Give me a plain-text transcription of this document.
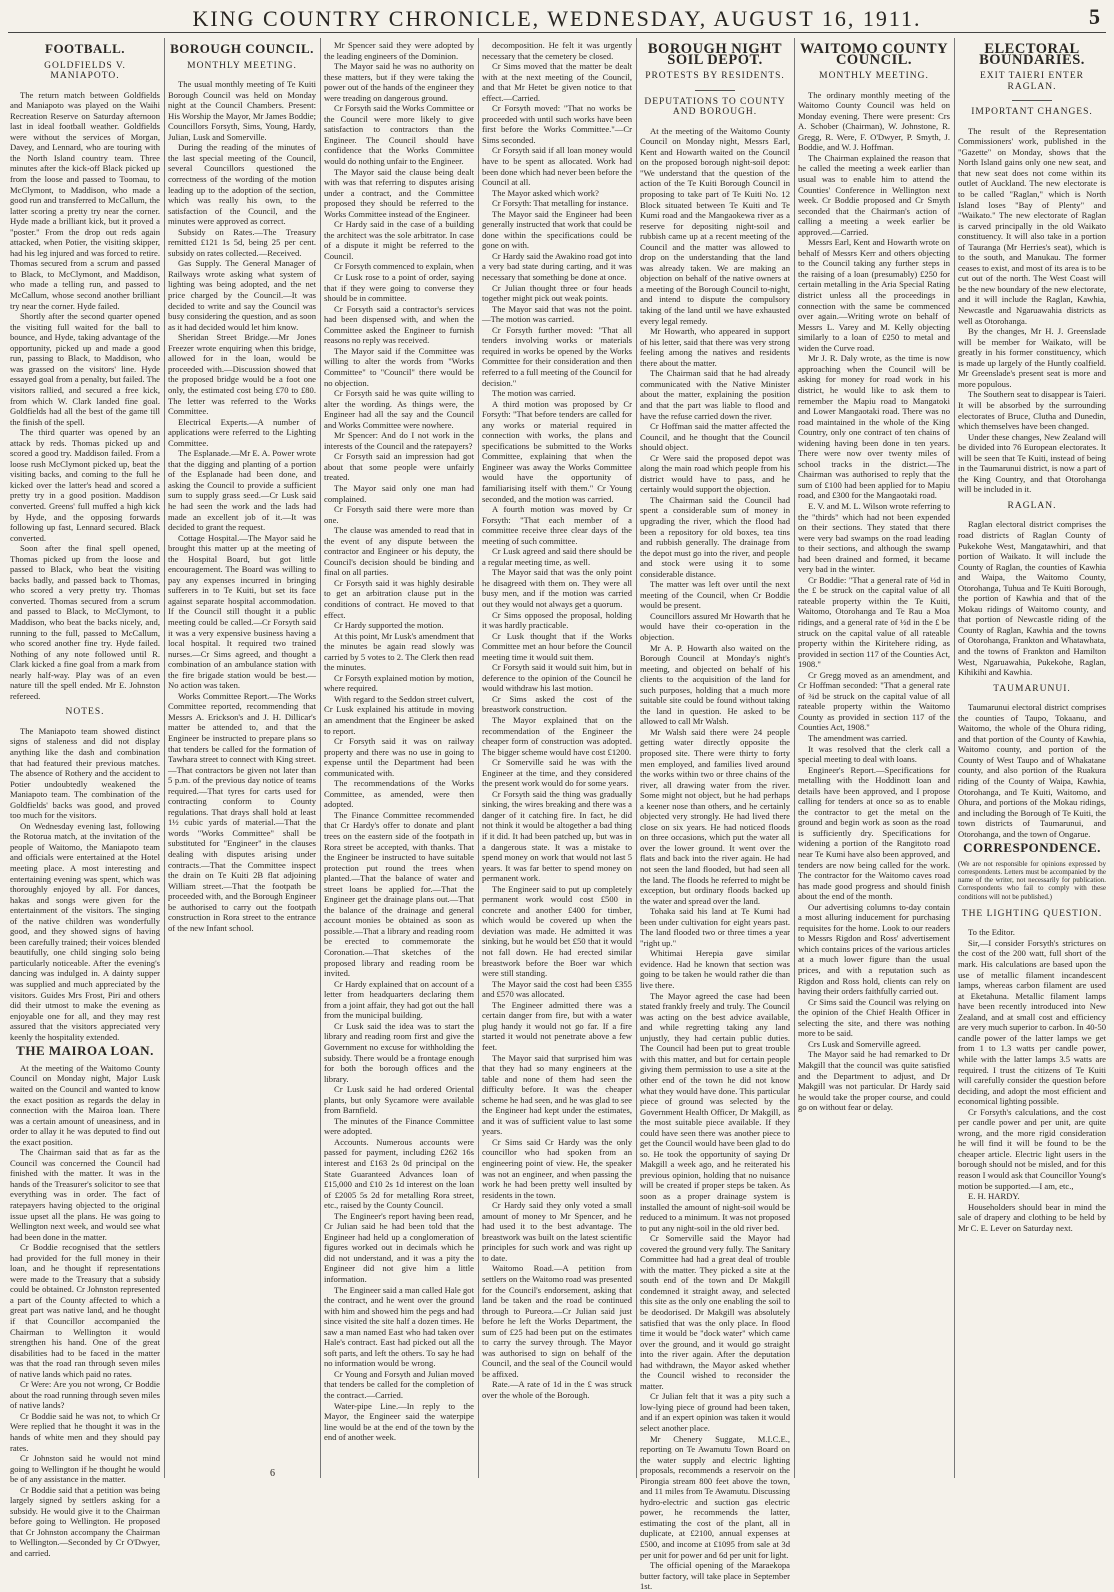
KING COUNTRY CHRONICLE, WEDNESDAY, AUGUST 16, 1911.	5
FOOTBALL.
GOLDFIELDS V. MANIAPOTO.

The return match between Goldfields and Maniapoto was played on the Waihi Recreation Reserve on Saturday afternoon last in ideal football weather. Goldfields were without the services of Morgan, Davey, and Lennard, who are touring with the North Island country team. Three minutes after the kick-off Black picked up from the loose and passed to Toomau, to McClymont, to Maddison, who made a good run and transferred to McCallum, the latter scoring a pretty try near the corner. Hyde made a brilliant kick, but it proved a "poster." From the drop out reds again attacked, when Potier, the visiting skipper, had his leg injured and was forced to retire. Thomas secured from a scrum and passed to Black, to McClymont, and Maddison, who made a telling run, and passed to McCallum, whose second another brilliant try near the corner. Hyde failed.

Shortly after the second quarter opened the visiting full waited for the ball to bounce, and Hyde, taking advantage of the opportunity, picked up and made a good run, passing to Black, to Maddison, who was grassed on the visitors' line. Hyde essayed goal from a penalty, but failed. The visitors rallied, and secured a free kick, from which W. Clark landed fine goal. Goldfields had all the best of the game till the finish of the spell.

The third quarter was opened by an attack by reds. Thomas picked up and scored a good try. Maddison failed. From a loose rush McClymont picked up, beat the visiting backs, and coming to the full he kicked over the latter's head and scored a pretty try in a good position. Maddison converted. Greens' full muffed a high kick by Hyde, and the opposing forwards following up fast, Lennard secured. Black converted.

Soon after the final spell opened, Thomas picked up from the loose and passed to Black, who beat the visiting backs badly, and passed back to Thomas, who scored a very pretty try. Thomas converted. Thomas secured from a scrum and passed to Black, to McClymont, to Maddison, who beat the backs nicely, and, running to the full, passed to McCallum, who scored another fine try. Hyde failed. Nothing of any note followed until R. Clark kicked a fine goal from a mark from nearly half-way. Play was of an even nature till the spell ended. Mr E. Johnston refereed.

NOTES.

The Maniapoto team showed distinct signs of staleness and did not display anything like the dash and combination that had featured their previous matches. The absence of Rothery and the accident to Potier undoubtedly weakened the Maniapoto team. The combination of the Goldfields' backs was good, and proved too much for the visitors.

On Wednesday evening last, following the Rotorua match, at the invitation of the people of Waitomo, the Maniapoto team and officials were entertained at the Hotel meeting place. A most interesting and entertaining evening was spent, which was thoroughly enjoyed by all. For dances, hakas and songs were given for the entertainment of the visitors. The singing of the native children was wonderfully good, and they showed signs of having been carefully trained; their voices blended beautifully, one child singing solo being particularly noticeable. After the evening's dancing was indulged in. A dainty supper was supplied and much appreciated by the visitors. Guides Mrs Frost, Piri and others did their utmost to make the evening as enjoyable one for all, and they may rest assured that the visitors appreciated very keenly the hospitality extended.

THE MAIROA LOAN.

At the meeting of the Waitomo County Council on Monday night, Major Lusk waited on the Council and wanted to know the exact position as regards the delay in connection with the Mairoa loan. There was a certain amount of uneasiness, and in order to allay it he was deputed to find out the exact position.

The Chairman said that as far as the Council was concerned the Council had finished with the matter. It was in the hands of the Treasurer's solicitor to see that everything was in order. The fact of ratepayers having objected to the original issue upset all the plans. He was going to Wellington next week, and would see what had been done in the matter.

Cr Boddie recognised that the settlers had provided for the full money in their loan, and he thought if representations were made to the Treasury that a subsidy could be obtained. Cr Johnston represented a part of the County affected to which a great part was native land, and he thought if that Councillor accompanied the Chairman to Wellington it would strengthen his hand. One of the great disabilities had to be faced in the matter was that the road ran through seven miles of native lands which paid no rates.

Cr Were: Are you not wrong, Cr Boddie about the road running through seven miles of native lands?

Cr Boddie said he was not, to which Cr Were replied that he thought it was in the hands of white men and they should pay rates.

Cr Johnston said he would not mind going to Wellington if he thought he would be of any assistance in the matter.

Cr Boddie said that a petition was being largely signed by settlers asking for a subsidy. He would give it to the Chairman before going to Wellington. He proposed that Cr Johnston accompany the Chairman to Wellington.—Seconded by Cr O'Dwyer, and carried.

BOROUGH COUNCIL.
MONTHLY MEETING.

The usual monthly meeting of Te Kuiti Borough Council was held on Monday night at the Council Chambers. Present: His Worship the Mayor, Mr James Boddie; Councillors Forsyth, Sims, Young, Hardy, Julian, Lusk and Somerville.

During the reading of the minutes of the last special meeting of the Council, several Councillors questioned the correctness of the wording of the motion leading up to the adoption of the section, which was really his own, to the satisfaction of the Council, and the minutes were approved as correct.

Subsidy on Rates.—The Treasury remitted £121 1s 5d, being 25 per cent. subsidy on rates collected.—Received.

Gas Supply. The General Manager of Railways wrote asking what system of lighting was being adopted, and the net price charged by the Council.—It was decided to write and say the Council was busy considering the question, and as soon as it had decided would let him know.

Sheridan Street Bridge.—Mr Jones Freezer wrote enquiring when this bridge, allowed for in the loan, would be proceeded with.—Discussion showed that the proposed bridge would be a foot one only, the estimated cost being £70 to £80. The letter was referred to the Works Committee.

Electrical Experts.—A number of applications were referred to the Lighting Committee.

The Esplanade.—Mr E. A. Power wrote that the digging and planting of a portion of the Esplanade had been done, and asking the Council to provide a sufficient sum to supply grass seed.—Cr Lusk said he had seen the work and the lads had made an excellent job of it.—It was decided to grant the request.

Cottage Hospital.—The Mayor said he brought this matter up at the meeting of the Hospital Board, but got little encouragement. The Board was willing to pay any expenses incurred in bringing sufferers in to Te Kuiti, but set its face against separate hospital accommodation. If the Council still thought it a public meeting could be called.—Cr Forsyth said it was a very expensive business having a local hospital. It required two trained nurses.—Cr Sims agreed, and thought a combination of an ambulance station with the fire brigade station would be best.—No action was taken.

Works Committee Report.—The Works Committee reported, recommending that Messrs A. Erickson's and J. H. Dillicar's matter be attended to, and that the Engineer be instructed to prepare plans so that tenders be called for the formation of Tawhara street to connect with King street.—That contractors be given not later than 5 p.m. of the previous day notice of teams required.—That tyres for carts used for contracting conform to County regulations. That drays shall hold at least 1½ cubic yards of material.—That the words "Works Committee" shall be substituted for "Engineer" in the clauses dealing with disputes arising under contracts.—That the Committee inspect the drain on Te Kuiti 2B flat adjoining William street.—That the footpath be proceeded with, and the Borough Engineer be authorised to carry out the footpath construction in Rora street to the entrance of the new Infant school.

Mr Spencer said they were adopted by the leading engineers of the Dominion.

The Mayor said he was no authority on these matters, but if they were taking the power out of the hands of the engineer they were treading on dangerous ground.

Cr Forsyth said the Works Committee or the Council were more likely to give satisfaction to contractors than the Engineer. The Council should have confidence that the Works Committee would do nothing unfair to the Engineer.

The Mayor said the clause being dealt with was that referring to disputes arising under a contract, and the Committee proposed they should be referred to the Works Committee instead of the Engineer.

Cr Hardy said in the case of a building the architect was the sole arbitrator. In case of a dispute it might be referred to the Council.

Cr Forsyth commenced to explain, when

Cr Lusk rose to a point of order, saying that if they were going to converse they should be in committee.

Cr Forsyth said a contractor's services had been dispensed with, and when the Committee asked the Engineer to furnish reasons no reply was received.

The Mayor said if the Committee was willing to alter the words from "Works Committee" to "Council" there would be no objection.

Cr Forsyth said he was quite willing to alter the wording. As things were, the Engineer had all the say and the Council and Works Committee were nowhere.

Mr Spencer: And do I not work in the interests of the Council and the ratepayers?

Cr Forsyth said an impression had got about that some people were unfairly treated.

The Mayor said only one man had complained.

Cr Forsyth said there were more than one.

The clause was amended to read that in the event of any dispute between the contractor and Engineer or his deputy, the Council's decision should be binding and final on all parties.

Cr Forsyth said it was highly desirable to get an arbitration clause put in the conditions of contract. He moved to that effect.

Cr Hardy supported the motion.

At this point, Mr Lusk's amendment that the minutes be again read slowly was carried by 5 votes to 2. The Clerk then read the minutes.

Cr Forsyth explained motion by motion, where required.

With regard to the Seddon street culvert, Cr Lusk explained his attitude in moving an amendment that the Engineer be asked to report.

Cr Forsyth said it was on railway property and there was no use in going to expense until the Department had been communicated with.

The recommendations of the Works Committee, as amended, were then adopted.

The Finance Committee recommended that Cr Hardy's offer to donate and plant trees on the eastern side of the footpath in Rora street be accepted, with thanks. That the Engineer be instructed to have suitable protection put round the trees when planted.—That the balance of water and street loans be applied for.—That the Engineer get the drainage plans out.—That the balance of the drainage and general account monies be obtained as soon as possible.—That a library and reading room be erected to commemorate the Coronation.—That sketches of the proposed library and reading room be invited.

Cr Hardy explained that on account of a letter from headquarters declaring them from a joint affair, they had got out the hall from the municipal building.

Cr Lusk said the idea was to start the library and reading room first and give the Government no excuse for withholding the subsidy. There would be a frontage enough for both the borough offices and the library.

Cr Lusk said he had ordered Oriental plants, but only Sycamore were available from Barnfield.

The minutes of the Finance Committee were adopted.

Accounts. Numerous accounts were passed for payment, including £262 16s interest and £163 2s 0d principal on the State Guaranteed Advances loan of £15,000 and £10 2s 1d interest on the loan of £2005 5s 2d for metalling Rora street, etc., raised by the County Council.

The Engineer's report having been read, Cr Julian said he had been told that the Engineer had held up a conglomeration of figures worked out in decimals which he did not understand, and it was a pity the Engineer did not give him a little information.

The Engineer said a man called Hale got the contract, and he went over the ground with him and showed him the pegs and had since visited the site half a dozen times. He saw a man named East who had taken over Hale's contract. East had picked out all the soft parts, and left the others. To say he had no information would be wrong.

Cr Young and Forsyth and Julian moved that tenders be called for the completion of the contract.—Carried.

Water-pipe Line.—In reply to the Mayor, the Engineer said the waterpipe line would be at the end of the town by the end of another week.

decomposition. He felt it was urgently necessary that the cemetery be closed.

Cr Sims moved that the matter be dealt with at the next meeting of the Council, and that Mr Hetet be given notice to that effect.—Carried.

Cr Forsyth moved: "That no works be proceeded with until such works have been first before the Works Committee."—Cr Sims seconded.

Cr Forsyth said if all loan money would have to be spent as allocated. Work had been done which had never been before the Council at all.

The Mayor asked which work?

Cr Forsyth: That metalling for instance.

The Mayor said the Engineer had been generally instructed that work that could be done within the specifications could be gone on with.

Cr Hardy said the Awakino road got into a very bad state during carting, and it was necessary that something be done at once.

Cr Julian thought three or four heads together might pick out weak points.

The Mayor said that was not the point.—The motion was carried.

Cr Forsyth further moved: "That all tenders involving works or materials required in works be opened by the Works Committee for their consideration and then referred to a full meeting of the Council for decision."

The motion was carried.

A third motion was proposed by Cr Forsyth: "That before tenders are called for any works or material required in connection with works, the plans and specifications be submitted to the Works Committee, explaining that when the Engineer was away the Works Committee would have the opportunity of familiarising itself with them." Cr Young seconded, and the motion was carried.

A fourth motion was moved by Cr Forsyth: "That each member of a committee receive three clear days of the meeting of such committee.

Cr Lusk agreed and said there should be a regular meeting time, as well.

The Mayor said that was the only point he disagreed with them on. They were all busy men, and if the motion was carried out they would not always get a quorum.

Cr Sims opposed the proposal, holding it was hardly practicable.

Cr Lusk thought that if the Works Committee met an hour before the Council meeting time it would suit them.

Cr Forsyth said it would suit him, but in deference to the opinion of the Council he would withdraw his last motion.

Cr Sims asked the cost of the breastwork construction.

The Mayor explained that on the recommendation of the Engineer the cheaper form of construction was adopted. The bigger scheme would have cost £1200.

Cr Somerville said he was with the Engineer at the time, and they considered the present work would do for some years.

Cr Forsyth said the thing was gradually sinking, the wires breaking and there was a danger of it catching fire. In fact, he did not think it would be altogether a bad thing if it did. It had been patched up, but was in a dangerous state. It was a mistake to spend money on work that would not last 5 years. It was far better to spend money on permanent work.

The Engineer said to put up completely permanent work would cost £500 in concrete and another £400 for timber, which would be covered up when the deviation was made. He admitted it was sinking, but he would bet £50 that it would not fall down. He had erected similar breastwork before the Boer war which were still standing.

The Mayor said the cost had been £355 and £570 was allocated.

The Engineer admitted there was a certain danger from fire, but with a water plug handy it would not go far. If a fire started it would not penetrate above a few feet.

The Mayor said that surprised him was that they had so many engineers at the table and none of them had seen the difficulty before. It was the cheaper scheme he had seen, and he was glad to see the Engineer had kept under the estimates, and it was of sufficient value to last some years.

Cr Sims said Cr Hardy was the only councillor who had spoken from an engineering point of view. He, the speaker was not an engineer, and when passing the work he had been pretty well insulted by residents in the town.

Cr Hardy said they only voted a small amount of money to Mr Spencer, and he had used it to the best advantage. The breastwork was built on the latest scientific principles for such work and was right up to date.

Waitomo Road.—A petition from settlers on the Waitomo road was presented for the Council's endorsement, asking that land be taken and the road be continued through to Pureora.—Cr Julian said just before he left the Works Department, the sum of £25 had been put on the estimates to carry the survey through. The Mayor was authorised to sign on behalf of the Council, and the seal of the Council would be affixed.

Rate.—A rate of 1d in the £ was struck over the whole of the Borough.

BOROUGH NIGHT SOIL DEPOT.
PROTESTS BY RESIDENTS.
DEPUTATIONS TO COUNTY AND BOROUGH.

At the meeting of the Waitomo County Council on Monday night, Messrs Earl, Kent and Howarth waited on the Council on the proposed borough night-soil depot: "We understand that the question of the action of the Te Kuiti Borough Council in proposing to take part of Te Kuiti No. 12 Block situated between Te Kuiti and Te Kumi road and the Mangaokewa river as a reserve for depositing night-soil and rubbish came up at a recent meeting of the Council and the matter was allowed to drop on the understanding that the land was already taken. We are making an objection on behalf of the native owners at a meeting of the Borough Council to-night, and intend to dispute the compulsory taking of the land until we have exhausted every legal remedy.

Mr Howarth, who appeared in support of his letter, said that there was very strong feeling among the natives and residents there about the matter.

The Chairman said that he had already communicated with the Native Minister about the matter, explaining the position and that the part was liable to flood and have the refuse carried down the river.

Cr Hoffman said the matter affected the Council, and he thought that the Council should object.

Cr Were said the proposed depot was along the main road which people from his district would have to pass, and he certainly would support the objection.

The Chairman said the Council had spent a considerable sum of money in upgrading the river, which the flood had been a repository for old boxes, tea tins and rubbish generally. The drainage from the depot must go into the river, and people and stock were using it to some considerable distance.

The matter was left over until the next meeting of the Council, when Cr Boddie would be present.

Councillors assured Mr Howarth that he would have their co-operation in the objection.

Mr A. P. Howarth also waited on the Borough Council at Monday's night's meeting, and objected on behalf of his clients to the acquisition of the land for such purposes, holding that a much more suitable site could be found without taking the land in question. He asked to be allowed to call Mr Walsh.

Mr Walsh said there were 24 people getting water directly opposite the proposed site. There were thirty to forty men employed, and families lived around the works within two or three chains of the river, all drawing water from the river. Some might not object, but he had perhaps a keener nose than others, and he certainly objected very strongly. He had lived there close on six years. He had noticed floods on three occasions, which put the water all over the lower ground. It went over the flats and back into the river again. He had not seen the land flooded, but had seen all the land. The floods he referred to might be exception, but ordinary floods backed up the water and spread over the land.

Tohaka said his land at Te Kumi had been under cultivation for eight years past. The land flooded two or three times a year "right up."

Whitimai Herepia gave similar evidence. Had he known that section was going to be taken he would rather die than live there.

The Mayor agreed the case had been stated frankly freely and truly. The Council was acting on the best advice available, and while regretting taking any land unjustly, they had certain public duties. The Council had been put to great trouble with this matter, and but for certain people giving them permission to use a site at the other end of the town he did not know what they would have done. This particular piece of ground was selected by the Government Health Officer, Dr Makgill, as the most suitable piece available. If they could have seen there was another piece to get the Council would have been glad to do so. He took the opportunity of saying Dr Makgill a week ago, and he reiterated his previous opinion, holding that no nuisance will be created if proper steps be taken. As soon as a proper drainage system is installed the amount of night-soil would be reduced to a minimum. It was not proposed to put any night-soil in the old river bed.

Cr Somerville said the Mayor had covered the ground very fully. The Sanitary Committee had had a great deal of trouble with the matter. They picked a site at the south end of the town and Dr Makgill condemned it straight away, and selected this site as the only one enabling the soil to be deodorised. Dr Makgill was absolutely satisfied that was the only place. In flood time it would be "dock water" which came over the ground, and it would go straight into the river again. After the deputation had withdrawn, the Mayor asked whether the Council wished to reconsider the matter.

Cr Julian felt that it was a pity such a low-lying piece of ground had been taken, and if an expert opinion was taken it would select another place.

Mr Chenery Suggate, M.I.C.E., reporting on Te Awamutu Town Board on the water supply and electric lighting proposals, recommends a reservoir on the Pirongia stream 800 feet above the town, and 11 miles from Te Awamutu. Discussing hydro-electric and suction gas electric power, he recommends the latter, estimating the cost of the plant, all in duplicate, at £2100, annual expenses at £500, and income at £1095 from sale at 3d per unit for power and 6d per unit for light.

The official opening of the Maraekopa butter factory, will take place in September 1st.

WAITOMO COUNTY COUNCIL.
MONTHLY MEETING.

The ordinary monthly meeting of the Waitomo County Council was held on Monday evening. There were present: Crs A. Schober (Chairman), W. Johnstone, R. Gregg, R. Were, F. O'Dwyer, P. Smyth, J. Boddie, and W. J. Hoffman.

The Chairman explained the reason that he called the meeting a week earlier than usual was to enable him to attend the Counties' Conference in Wellington next week. Cr Boddie proposed and Cr Smyth seconded that the Chairman's action of calling a meeting a week earlier be approved.—Carried.

Messrs Earl, Kent and Howarth wrote on behalf of Messrs Kerr and others objecting to the Council taking any further steps in the raising of a loan (presumably) £250 for certain metalling in the Aria Special Rating district unless all the proceedings in connection with the same be commenced over again.—Writing wrote on behalf of Messrs L. Varey and M. Kelly objecting similarly to a loan of £250 to metal and widen the Curve road.

Mr J. R. Daly wrote, as the time is now approaching when the Council will be asking for money for road work in his district, he would like to ask them to remember the Mapiu road to Mangatoki and Lower Mangaotaki road. There was no road maintained in the whole of the King Country, only one contract of ten chains of widening having been done in ten years. There were now over twenty miles of school tracks in the district.—The Chairman was authorised to reply that the sum of £100 had been applied for to Mapiu road, and £300 for the Mangaotaki road.

E. V. and M. L. Wilson wrote referring to the "thirds" which had not been expended on their sections. They stated that there were very bad swamps on the road leading to their sections, and although the swamp had been drained and formed, it became very bad in the winter.

Cr Boddie: "That a general rate of ½d in the £ be struck on the capital value of all rateable property within the Te Kuiti, Waitomo, Otorohanga and Te Rau a Moa ridings, and a general rate of ½d in the £ be struck on the capital value of all rateable property within the Kiritehere riding, as provided in section 117 of the Counties Act, 1908."

Cr Gregg moved as an amendment, and Cr Hoffman seconded: "That a general rate of ¾d be struck on the capital value of all rateable property within the Waitomo County as provided in section 117 of the Counties Act, 1908."

The amendment was carried.

It was resolved that the clerk call a special meeting to deal with loans.

Engineer's Report.—Specifications for metalling with the Hoddinott loan and details have been approved, and I propose calling for tenders at once so as to enable the contractor to get the metal on the ground and begin work as soon as the road is sufficiently dry. Specifications for widening a portion of the Rangitoto road near Te Kumi have also been approved, and tenders are now being called for the work. The contractor for the Waitomo caves road has made good progress and should finish about the end of the month.

Our advertising columns to-day contain a most alluring inducement for purchasing requisites for the home. Look to our readers to Messrs Rigdon and Ross' advertisement which contains prices of the various articles at a much lower figure than the usual prices, and with a reputation such as Rigdon and Ross hold, clients can rely on having their orders faithfully carried out.

Cr Sims said the Council was relying on the opinion of the Chief Health Officer in selecting the site, and there was nothing more to be said.

Crs Lusk and Somerville agreed.

The Mayor said he had remarked to Dr Makgill that the council was quite satisfied and the Department to adjust, and Dr Makgill was not particular. Dr Hardy said he would take the proper course, and could go on without fear or delay.

ELECTORAL BOUNDARIES.
EXIT TAIERI ENTER RAGLAN.
IMPORTANT CHANGES.

The result of the Representation Commissioners' work, published in the "Gazette" on Monday, shows that the North Island gains only one new seat, and that new seat does not come within its outlet of Auckland. The new electorate is to be called "Raglan," which is North Island loses "Bay of Plenty" and "Waikato." The new electorate of Raglan is carved principally in the old Waikato constituency. It will also take in a portion of Tauranga (Mr Herries's seat), which is to the south, and Manukau. The former ceases to exist, and most of its area is to be cut out of the north. The West Coast will be the new boundary of the new electorate, and it will include the Raglan, Kawhia, Newcastle and Ngaruawahia districts as well as Otorohanga.

By the changes, Mr H. J. Greenslade will be member for Waikato, will be greatly in his former constituency, which is made up largely of the Huntly coalfield. Mr Greenslade's present seat is more and more populous.

The Southern seat to disappear is Taieri. It will be absorbed by the surrounding electorates of Bruce, Clutha and Dunedin, which themselves have been changed.

Under these changes, New Zealand will be divided into 76 European electorates. It will be seen that Te Kuiti, instead of being in the Taumarunui district, is now a part of the King Country, and that Otorohanga will be included in it.

RAGLAN.

Raglan electoral district comprises the road districts of Raglan County of Pukekohe West, Mangatawhiri, and that portion of Waikato. It will include the County of Raglan, the counties of Kawhia and Waipa, the Waitomo County, Otorohanga, Tuhua and Te Kuiti Borough, the portion of Kawhia and that of the Mokau ridings of Waitomo county, and that portion of Newcastle riding of the County of Raglan, Kawhia and the towns of Otorohanga, Frankton and Whatawhata, and the towns of Frankton and Hamilton West, Ngaruawahia, Pukekohe, Raglan, Kihikihi and Kawhia.

TAUMARUNUI.

Taumarunui electoral district comprises the counties of Taupo, Tokaanu, and Waitomo, the whole of the Ohura riding, and that portion of the County of Kawhia, Waitomo county, and portion of the County of West Taupo and of Whakatane county, and also portion of the Ruakura riding of the County of Waipa, Kawhia, Otorohanga, and Te Kuiti, Waitomo, and Ohura, and portions of the Mokau ridings, and including the Borough of Te Kuiti, the town districts of Taumarunui, and Otorohanga, and the town of Ongarue.

CORRESPONDENCE.
(We are not responsible for opinions expressed by correspondents. Letters must be accompanied by the name of the writer, not necessarily for publication. Correspondents who fail to comply with these conditions will not be published.)
THE LIGHTING QUESTION.

To the Editor.

Sir,—I consider Forsyth's strictures on the cost of the 200 watt, full short of the mark. His calculations are based upon the use of metallic filament incandescent lamps, whereas carbon filament are used at Eketahuna. Metallic filament lamps have been recently introduced into New Zealand, and at small cost and efficiency are very much superior to carbon. In 40-50 candle power of the latter lamps we get from 1 to 1.3 watts per candle power, while with the latter lamps 3.5 watts are required. I trust the citizens of Te Kuiti will carefully consider the question before deciding, and adopt the most efficient and economical lighting possible.

Cr Forsyth's calculations, and the cost per candle power and per unit, are quite wrong, and the more rigid consideration he will find it will be found to be the cheaper article. Electric light users in the borough should not be misled, and for this reason I would ask that Councillor Young's motion be supported.—I am, etc.,

E. H. HARDY.

Householders should bear in mind the sale of drapery and clothing to be held by Mr C. E. Lever on Saturday next.

6
